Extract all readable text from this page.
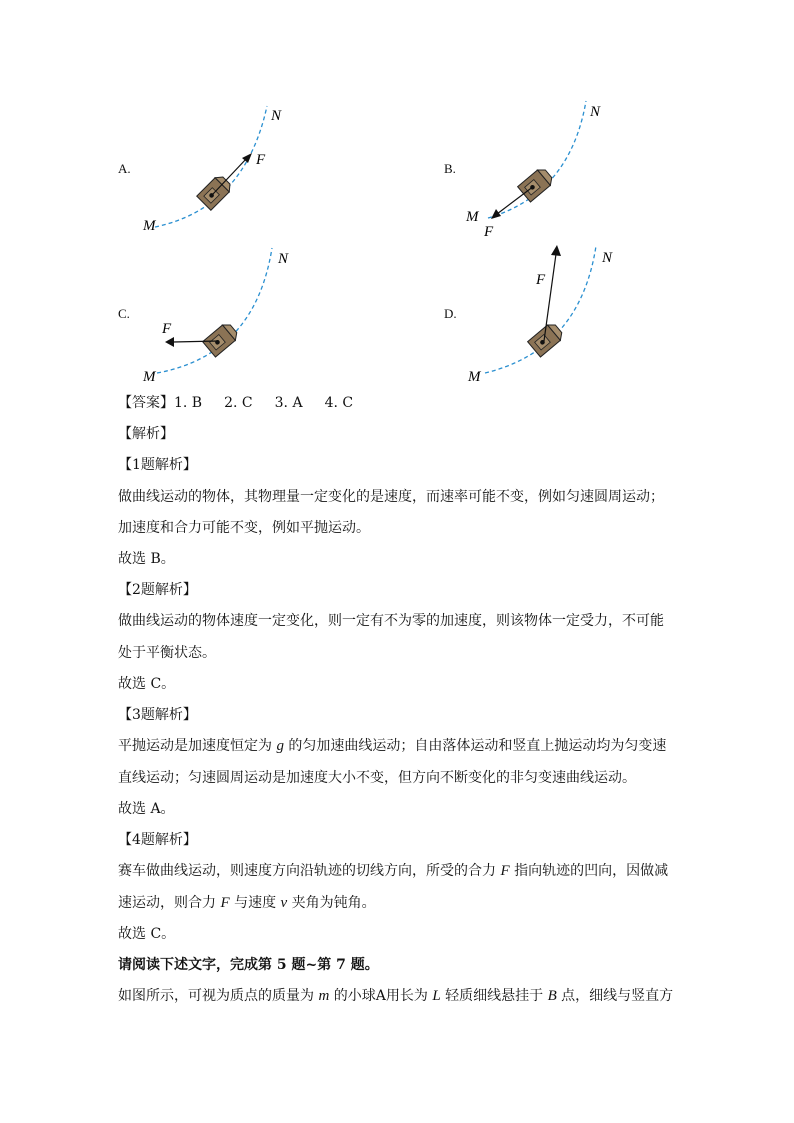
A.
M
N
F
B.
M
N
F
C.
M
N
F
D.
M
N
F
【答案】1. B 2. C 3. A 4. C
【解析】
【1题解析】
做曲线运动的物体，其物理量一定变化的是速度，而速率可能不变，例如匀速圆周运动；
加速度和合力可能不变，例如平抛运动。
故选 B。
【2题解析】
做曲线运动的物体速度一定变化，则一定有不为零的加速度，则该物体一定受力，不可能
处于平衡状态。
故选 C。
【3题解析】
平抛运动是加速度恒定为 g 的匀加速曲线运动；自由落体运动和竖直上抛运动均为匀变速
直线运动；匀速圆周运动是加速度大小不变，但方向不断变化的非匀变速曲线运动。
故选 A。
【4题解析】
赛车做曲线运动，则速度方向沿轨迹的切线方向，所受的合力 F 指向轨迹的凹向，因做减
速运动，则合力 F 与速度 v 夹角为钝角。
故选 C。
请阅读下述文字，完成第 5 题~第 7 题。
如图所示，可视为质点的质量为 m 的小球A用长为 L 轻质细线悬挂于 B 点，细线与竖直方
